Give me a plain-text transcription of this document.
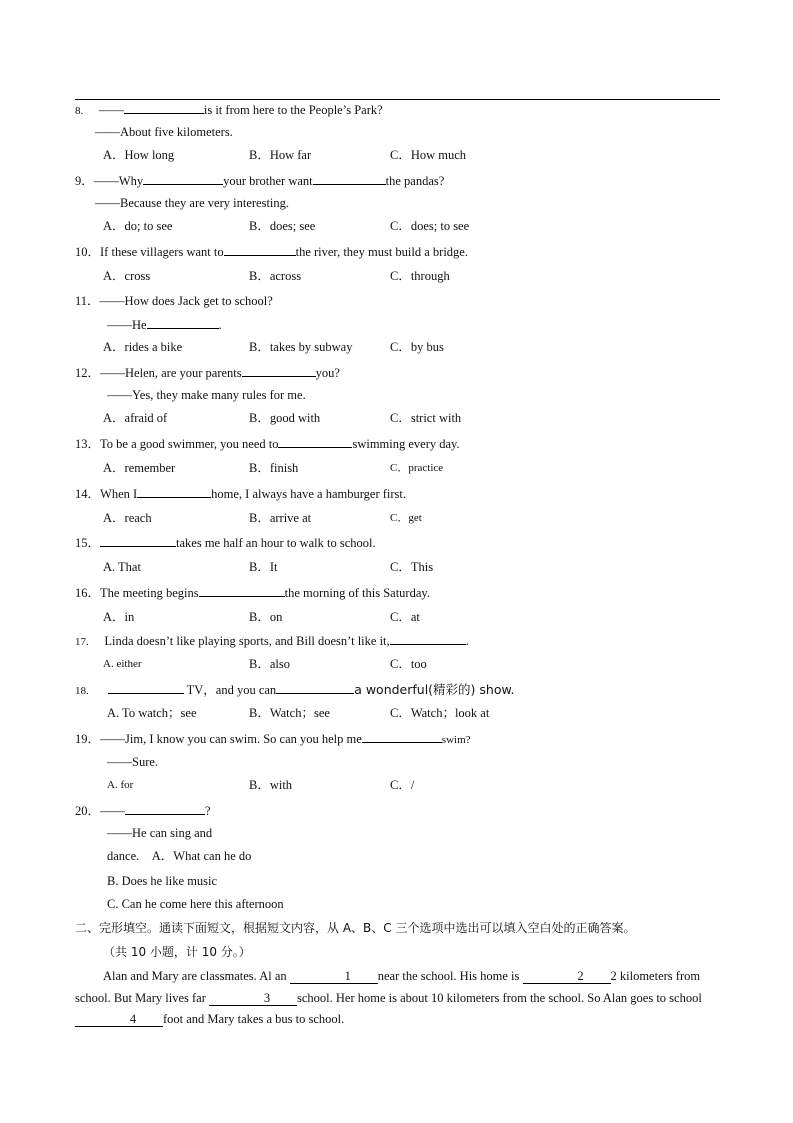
8. ——	is it from here to the People’s Park?
——About five kilometers.
A．How long	B．How far	C．How much
9．——Why	your brother want	the pandas?
——Because they are very interesting.
A．do; to see	B．does; see	C．does; to see
10．If these villagers want to	the river, they must build a bridge.
A．cross	B．across	C．through
11．——How does Jack get to school?
——He	.
A．rides a bike	B．takes by subway	C．by bus
12．——Helen, are your parents	you?
——Yes, they make many rules for me.
A．afraid of	B．good with	C．strict with
13．To be a good swimmer, you need to	swimming every day.
A．remember	B．finish	C．practice
14．When I	home, I always have a hamburger first.
A．reach	B．arrive at	C．get
15．	takes me half an hour to walk to school.
A. That	B．It	C．This
16．The meeting begins	the morning of this Saturday.
A．in	B．on	C．at
17. Linda doesn’t like playing sports, and Bill doesn’t like it,	.
A. either	B．also	C．too
18.	TV，and you can	a wonderful(精彩的) show.
A. To watch；see	B．Watch；see	C．Watch；look at
19．——Jim, I know you can swim. So can you help me	swim?
——Sure.
A. for	B．with	C．/
20．——	?
——He can sing and
dance. A．What can he do
B. Does he like music
C. Can he come here this afternoon
二、完形填空。通读下面短文，根据短文内容，从 A、B、C 三个选项中选出可以填入空白处的正确答案。
（共 10 小题，计 10 分。）
Alan and Mary are classmates. Al an	1 near the school. His home is	2 2 kilometers from school. But Mary lives far	3 school. Her home is about 10 kilometers from the school. So Alan goes to school 4 foot and Mary takes a bus to school.
